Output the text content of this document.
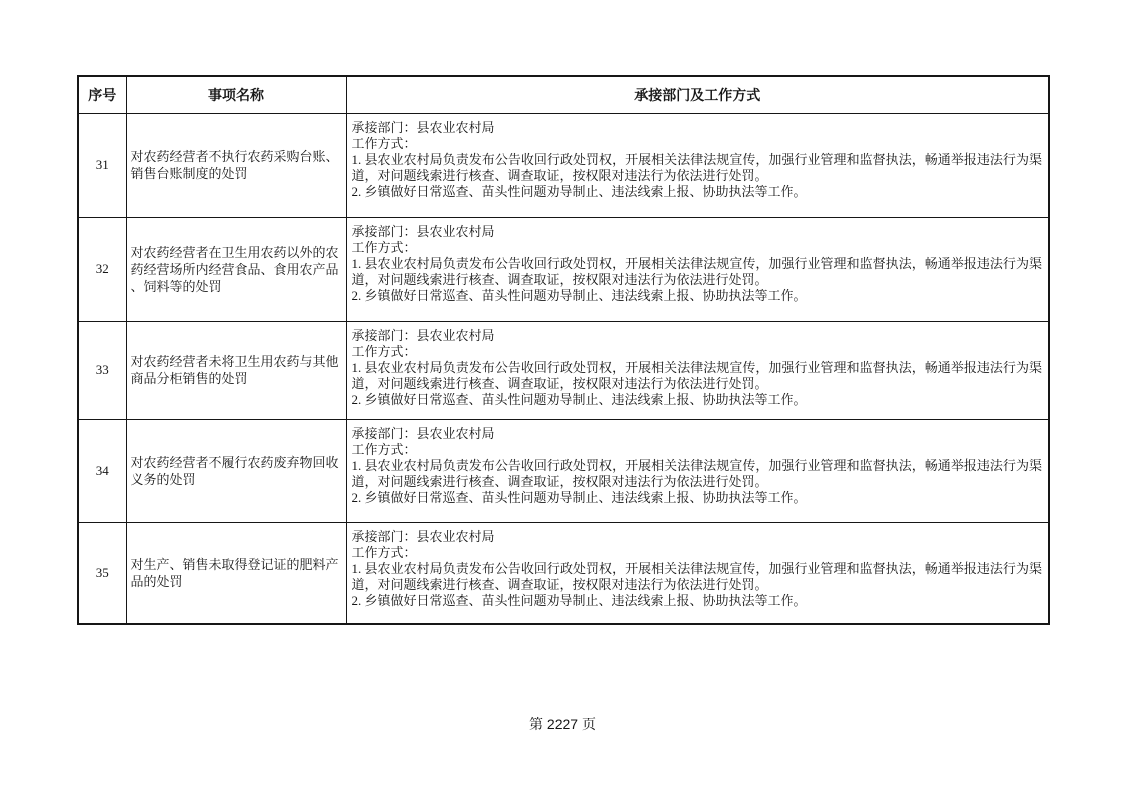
序号	事项名称	承接部门及工作方式
31	对农药经营者不执行农药采购台账、销售台账制度的处罚	承接部门：县农业农村局
工作方式：
1. 县农业农村局负责发布公告收回行政处罚权，开展相关法律法规宣传，加强行业管理和监督执法，畅通举报违法行为渠道，对问题线索进行核查、调查取证，按权限对违法行为依法进行处罚。
2. 乡镇做好日常巡查、苗头性问题劝导制止、违法线索上报、协助执法等工作。

32	对农药经营者在卫生用农药以外的农药经营场所内经营食品、食用农产品、饲料等的处罚	承接部门：县农业农村局
工作方式：
1. 县农业农村局负责发布公告收回行政处罚权，开展相关法律法规宣传，加强行业管理和监督执法，畅通举报违法行为渠道，对问题线索进行核查、调查取证，按权限对违法行为依法进行处罚。
2. 乡镇做好日常巡查、苗头性问题劝导制止、违法线索上报、协助执法等工作。

33	对农药经营者未将卫生用农药与其他商品分柜销售的处罚	承接部门：县农业农村局
工作方式：
1. 县农业农村局负责发布公告收回行政处罚权，开展相关法律法规宣传，加强行业管理和监督执法，畅通举报违法行为渠道，对问题线索进行核查、调查取证，按权限对违法行为依法进行处罚。
2. 乡镇做好日常巡查、苗头性问题劝导制止、违法线索上报、协助执法等工作。

34	对农药经营者不履行农药废弃物回收义务的处罚	承接部门：县农业农村局
工作方式：
1. 县农业农村局负责发布公告收回行政处罚权，开展相关法律法规宣传，加强行业管理和监督执法，畅通举报违法行为渠道，对问题线索进行核查、调查取证，按权限对违法行为依法进行处罚。
2. 乡镇做好日常巡查、苗头性问题劝导制止、违法线索上报、协助执法等工作。

35	对生产、销售未取得登记证的肥料产品的处罚	承接部门：县农业农村局
工作方式：
1. 县农业农村局负责发布公告收回行政处罚权，开展相关法律法规宣传，加强行业管理和监督执法，畅通举报违法行为渠道，对问题线索进行核查、调查取证，按权限对违法行为依法进行处罚。
2. 乡镇做好日常巡查、苗头性问题劝导制止、违法线索上报、协助执法等工作。
第 2227 页
